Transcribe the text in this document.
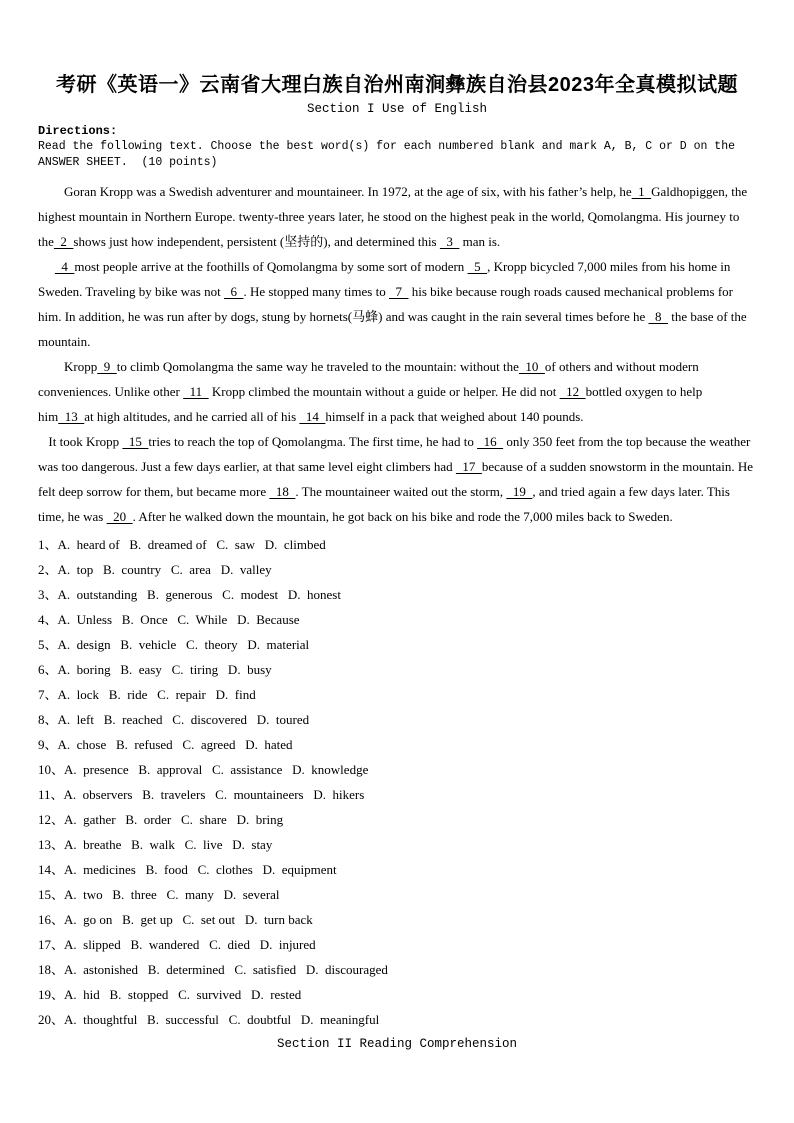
考研《英语一》云南省大理白族自治州南涧彝族自治县2023年全真模拟试题
Section I Use of English
Directions:
Read the following text. Choose the best word(s) for each numbered blank and mark A, B, C or D on the ANSWER SHEET.  (10 points)

Goran Kropp was a Swedish adventurer and mountaineer. In 1972, at the age of six, with his father’s help, he  1  Galdhopiggen, the highest mountain in Northern Europe. twenty-three years later, he stood on the highest peak in the world, Qomolangma. His journey to the  2  shows just how independent, persistent (坚持的), and determined this   3   man is.

4  most people arrive at the foothills of Qomolangma by some sort of modern   5  , Kropp bicycled 7,000 miles from his home in Sweden. Traveling by bike was not   6  . He stopped many times to   7   his bike because rough roads caused mechanical problems for him. In addition, he was run after by dogs, stung by hornets(马蜂) and was caught in the rain several times before he   8   the base of the mountain.

Kropp  9  to climb Qomolangma the same way he traveled to the mountain: without the  10  of others and without modern conveniences. Unlike other   11   Kropp climbed the mountain without a guide or helper. He did not   12  bottled oxygen to help him  13  at high altitudes, and he carried all of his   14  himself in a pack that weighed about 140 pounds.

It took Kropp   15  tries to reach the top of Qomolangma. The first time, he had to   16   only 350 feet from the top because the weather was too dangerous. Just a few days earlier, at that same level eight climbers had   17  because of a sudden snowstorm in the mountain. He felt deep sorrow for them, but became more   18  . The mountaineer waited out the storm,   19  , and tried again a few days later. This time, he was   20  . After he walked down the mountain, he got back on his bike and rode the 7,000 miles back to Sweden.

1、A.  heard of   B.  dreamed of   C.  saw   D.  climbed
2、A.  top   B.  country   C.  area   D.  valley
3、A.  outstanding   B.  generous   C.  modest   D.  honest
4、A.  Unless   B.  Once   C.  While   D.  Because
5、A.  design   B.  vehicle   C.  theory   D.  material
6、A.  boring   B.  easy   C.  tiring   D.  busy
7、A.  lock   B.  ride   C.  repair   D.  find
8、A.  left   B.  reached   C.  discovered   D.  toured
9、A.  chose   B.  refused   C.  agreed   D.  hated
10、A.  presence   B.  approval   C.  assistance   D.  knowledge
11、A.  observers   B.  travelers   C.  mountaineers   D.  hikers
12、A.  gather   B.  order   C.  share   D.  bring
13、A.  breathe   B.  walk   C.  live   D.  stay
14、A.  medicines   B.  food   C.  clothes   D.  equipment
15、A.  two   B.  three   C.  many   D.  several
16、A.  go on   B.  get up   C.  set out   D.  turn back
17、A.  slipped   B.  wandered   C.  died   D.  injured
18、A.  astonished   B.  determined   C.  satisfied   D.  discouraged
19、A.  hid   B.  stopped   C.  survived   D.  rested
20、A.  thoughtful   B.  successful   C.  doubtful   D.  meaningful
Section II Reading Comprehension
